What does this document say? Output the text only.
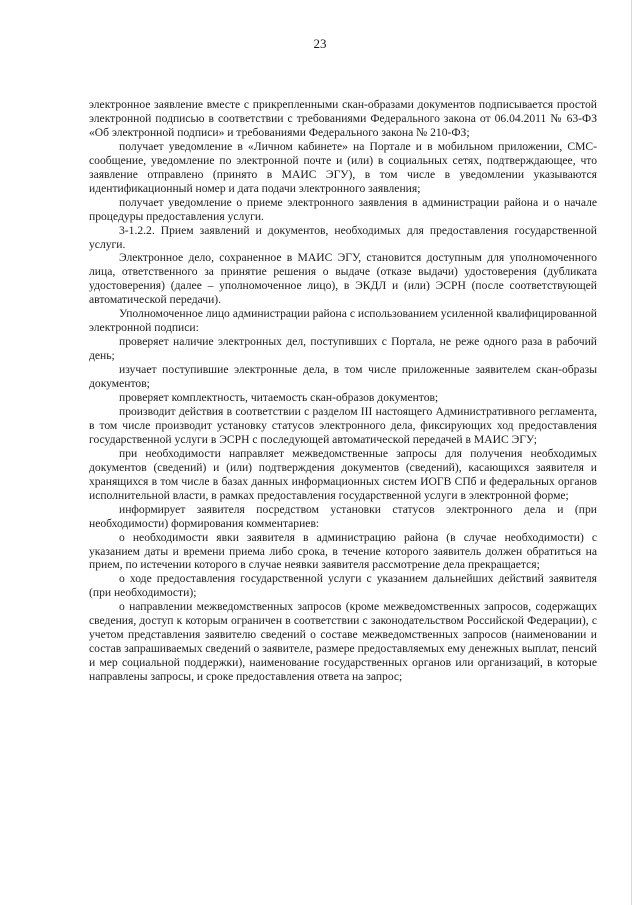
23

электронное заявление вместе с прикрепленными скан-образами документов подписывается простой электронной подписью в соответствии с требованиями Федерального закона от 06.04.2011 № 63-ФЗ «Об электронной подписи» и требованиями Федерального закона № 210-ФЗ;

получает уведомление в «Личном кабинете» на Портале и в мобильном приложении, СМС-сообщение, уведомление по электронной почте и (или) в социальных сетях, подтверждающее, что заявление отправлено (принято в МАИС ЭГУ), в том числе в уведомлении указываются идентификационный номер и дата подачи электронного заявления;

получает уведомление о приеме электронного заявления в администрации района и о начале процедуры предоставления услуги.

3-1.2.2. Прием заявлений и документов, необходимых для предоставления государственной услуги.

Электронное дело, сохраненное в МАИС ЭГУ, становится доступным для уполномоченного лица, ответственного за принятие решения о выдаче (отказе выдачи) удостоверения (дубликата удостоверения) (далее – уполномоченное лицо), в ЭКДЛ и (или) ЭСРН (после соответствующей автоматической передачи).

Уполномоченное лицо администрации района с использованием усиленной квалифицированной электронной подписи:

проверяет наличие электронных дел, поступивших с Портала, не реже одного раза в рабочий день;

изучает поступившие электронные дела, в том числе приложенные заявителем скан-образы документов;

проверяет комплектность, читаемость скан-образов документов;

производит действия в соответствии с разделом III настоящего Административного регламента, в том числе производит установку статусов электронного дела, фиксирующих ход предоставления государственной услуги в ЭСРН с последующей автоматической передачей в МАИС ЭГУ;

при необходимости направляет межведомственные запросы для получения необходимых документов (сведений) и (или) подтверждения документов (сведений), касающихся заявителя и хранящихся в том числе в базах данных информационных систем ИОГВ СПб и федеральных органов исполнительной власти, в рамках предоставления государственной услуги в электронной форме;

информирует заявителя посредством установки статусов электронного дела и (при необходимости) формирования комментариев:

о необходимости явки заявителя в администрацию района (в случае необходимости) с указанием даты и времени приема либо срока, в течение которого заявитель должен обратиться на прием, по истечении которого в случае неявки заявителя рассмотрение дела прекращается;

о ходе предоставления государственной услуги с указанием дальнейших действий заявителя (при необходимости);

о направлении межведомственных запросов (кроме межведомственных запросов, содержащих сведения, доступ к которым ограничен в соответствии с законодательством Российской Федерации), с учетом представления заявителю сведений о составе межведомственных запросов (наименовании и состав запрашиваемых сведений о заявителе, размере предоставляемых ему денежных выплат, пенсий и мер социальной поддержки), наименование государственных органов или организаций, в которые направлены запросы, и сроке предоставления ответа на запрос;
